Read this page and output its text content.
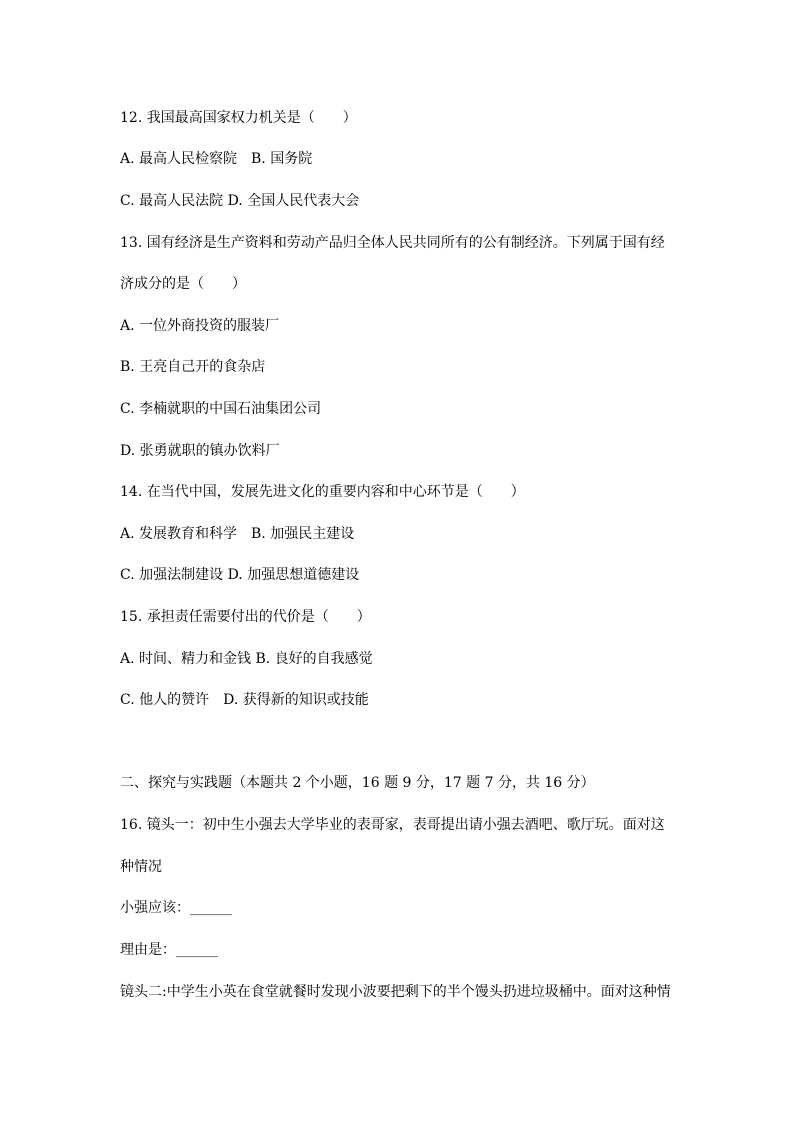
12. 我国最高国家权力机关是（　　）
A. 最高人民检察院　B. 国务院
C. 最高人民法院 D. 全国人民代表大会
13. 国有经济是生产资料和劳动产品归全体人民共同所有的公有制经济。下列属于国有经
济成分的是（　　）
A. 一位外商投资的服装厂
B. 王亮自己开的食杂店
C. 李楠就职的中国石油集团公司
D. 张勇就职的镇办饮料厂
14. 在当代中国，发展先进文化的重要内容和中心环节是（　　）
A. 发展教育和科学　B. 加强民主建设
C. 加强法制建设 D. 加强思想道德建设
15. 承担责任需要付出的代价是（　　）
A. 时间、精力和金钱 B. 良好的自我感觉
C. 他人的赞许　D. 获得新的知识或技能
二、探究与实践题（本题共 2 个小题，16 题 9 分，17 题 7 分，共 16 分）
16. 镜头一：初中生小强去大学毕业的表哥家，表哥提出请小强去酒吧、歌厅玩。面对这
种情况
小强应该：______
理由是：______
镜头二:中学生小英在食堂就餐时发现小波要把剩下的半个馒头扔进垃圾桶中。面对这种情
